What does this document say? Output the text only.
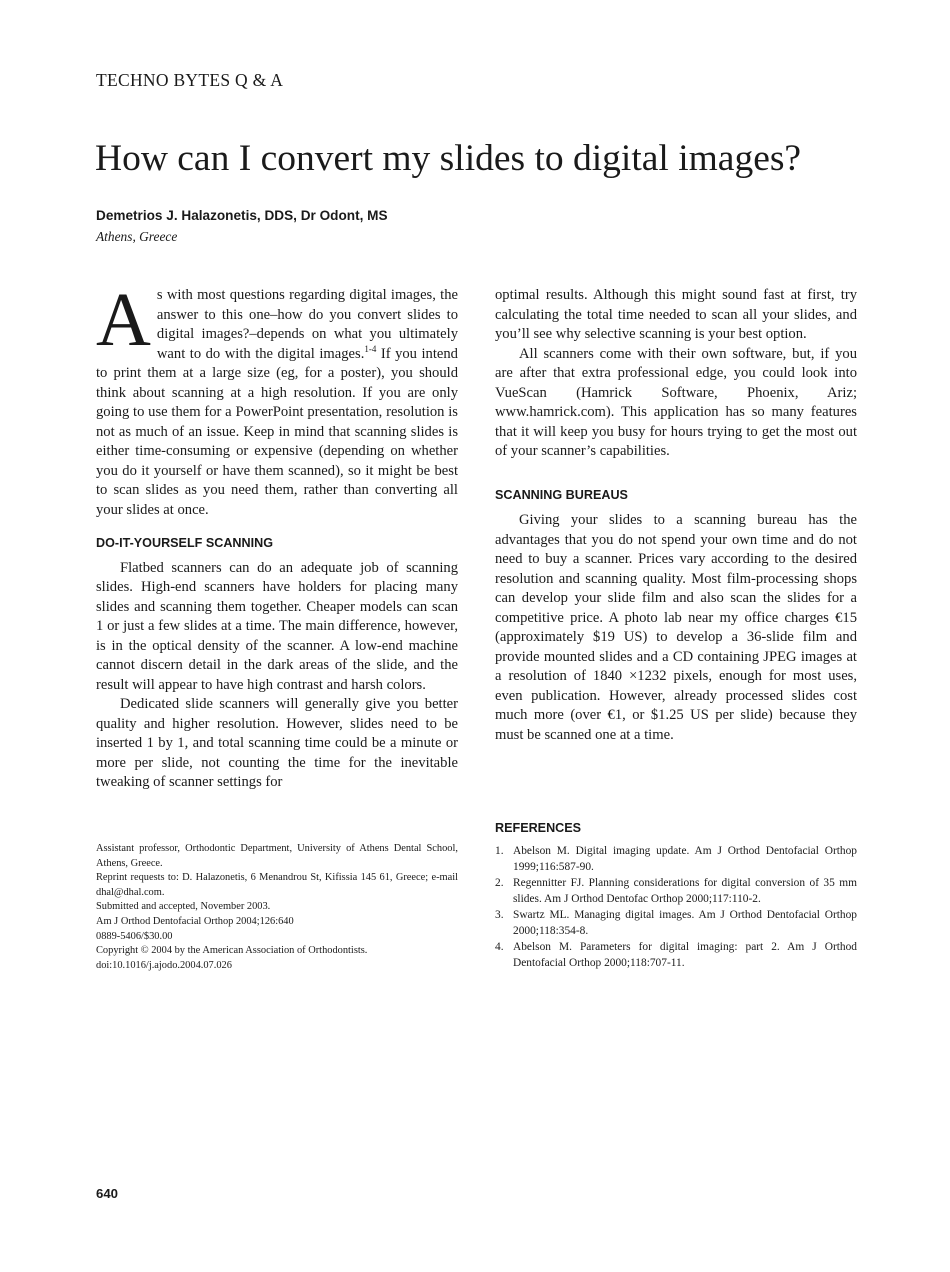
TECHNO BYTES Q & A
How can I convert my slides to digital images?
Demetrios J. Halazonetis, DDS, Dr Odont, MS
Athens, Greece

As with most questions regarding digital images, the answer to this one–how do you convert slides to digital images?–depends on what you ultimately want to do with the digital images.$^{1-4}$ If you intend to print them at a large size (eg, for a poster), you should think about scanning at a high resolution. If you are only going to use them for a PowerPoint presentation, resolution is not as much of an issue. Keep in mind that scanning slides is either time-consuming or expensive (depending on whether you do it yourself or have them scanned), so it might be best to scan slides as you need them, rather than converting all your slides at once.

DO-IT-YOURSELF SCANNING

Flatbed scanners can do an adequate job of scanning slides. High-end scanners have holders for placing many slides and scanning them together. Cheaper models can scan 1 or just a few slides at a time. The main difference, however, is in the optical density of the scanner. A low-end machine cannot discern detail in the dark areas of the slide, and the result will appear to have high contrast and harsh colors.

Dedicated slide scanners will generally give you better quality and higher resolution. However, slides need to be inserted 1 by 1, and total scanning time could be a minute or more per slide, not counting the time for the inevitable tweaking of scanner settings for

optimal results. Although this might sound fast at first, try calculating the total time needed to scan all your slides, and you’ll see why selective scanning is your best option.

All scanners come with their own software, but, if you are after that extra professional edge, you could look into VueScan (Hamrick Software, Phoenix, Ariz; www.hamrick.com). This application has so many features that it will keep you busy for hours trying to get the most out of your scanner’s capabilities.

SCANNING BUREAUS

Giving your slides to a scanning bureau has the advantages that you do not spend your own time and do not need to buy a scanner. Prices vary according to the desired resolution and scanning quality. Most film-processing shops can develop your slide film and also scan the slides for a competitive price. A photo lab near my office charges €15 (approximately $19 US) to develop a 36-slide film and provide mounted slides and a CD containing JPEG images at a resolution of 1840 ×1232 pixels, enough for most uses, even publication. However, already processed slides cost much more (over €1, or $1.25 US per slide) because they must be scanned one at a time.

Assistant professor, Orthodontic Department, University of Athens Dental School, Athens, Greece.
Reprint requests to: D. Halazonetis, 6 Menandrou St, Kifissia 145 61, Greece; e-mail dhal@dhal.com.
Submitted and accepted, November 2003.
Am J Orthod Dentofacial Orthop 2004;126:640
0889-5406/$30.00
Copyright © 2004 by the American Association of Orthodontists.
doi:10.1016/j.ajodo.2004.07.026
REFERENCES
1. Abelson M. Digital imaging update. Am J Orthod Dentofacial Orthop 1999;116:587-90.
2. Regennitter FJ. Planning considerations for digital conversion of 35 mm slides. Am J Orthod Dentofac Orthop 2000;117:110-2.
3. Swartz ML. Managing digital images. Am J Orthod Dentofacial Orthop 2000;118:354-8.
4. Abelson M. Parameters for digital imaging: part 2. Am J Orthod Dentofacial Orthop 2000;118:707-11.
640
